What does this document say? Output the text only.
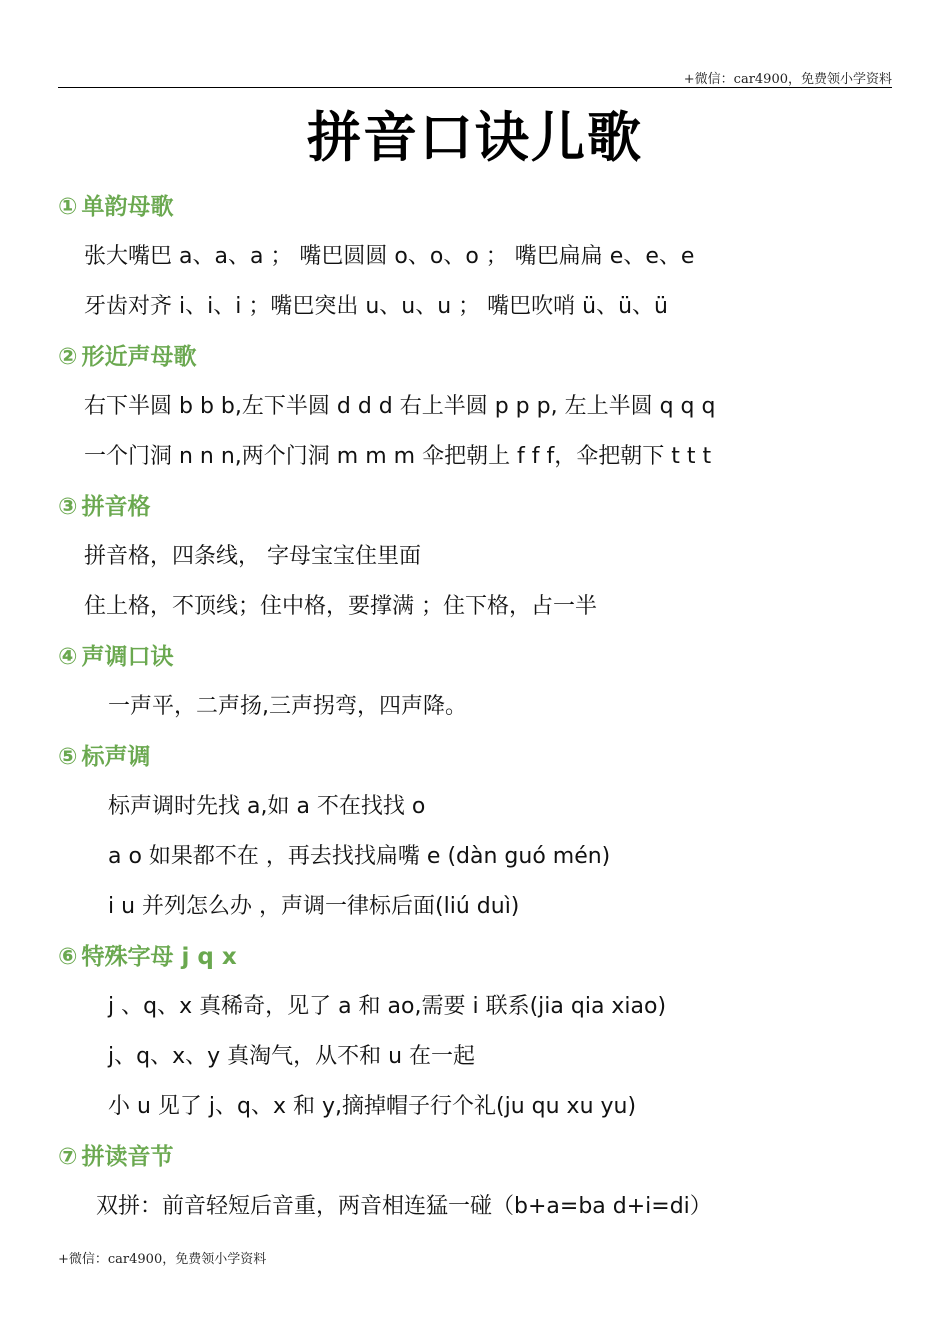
+微信：car4900，免费领小学资料
拼音口诀儿歌
① 单韵母歌
张大嘴巴 a、a、a ； 嘴巴圆圆 o、o、o ； 嘴巴扁扁 e、e、e
牙齿对齐 i、i、i ；嘴巴突出 u、u、u ； 嘴巴吹哨 ü、ü、ü
② 形近声母歌
右下半圆 b b b,左下半圆 d d d 右上半圆 p p p, 左上半圆 q q q
一个门洞 n n n,两个门洞 m m m 伞把朝上 f f f，伞把朝下 t t t
③ 拼音格
拼音格，四条线， 字母宝宝住里面
住上格，不顶线；住中格，要撑满 ；住下格，占一半
④ 声调口诀
一声平，二声扬,三声拐弯，四声降。
⑤ 标声调
标声调时先找 a,如 a 不在找找 o
a o 如果都不在 ，再去找找扁嘴 e (dàn guó mén)
i u 并列怎么办 ，声调一律标后面(liú duì)
⑥ 特殊字母 j q x
j 、q、x 真稀奇，见了 a 和 ao,需要 i 联系(jia qia xiao)
j、q、x、y 真淘气，从不和 u 在一起
小 u 见了 j、q、x 和 y,摘掉帽子行个礼(ju qu xu yu)
⑦ 拼读音节
双拼：前音轻短后音重，两音相连猛一碰（b+a=ba d+i=di）
+微信：car4900，免费领小学资料
